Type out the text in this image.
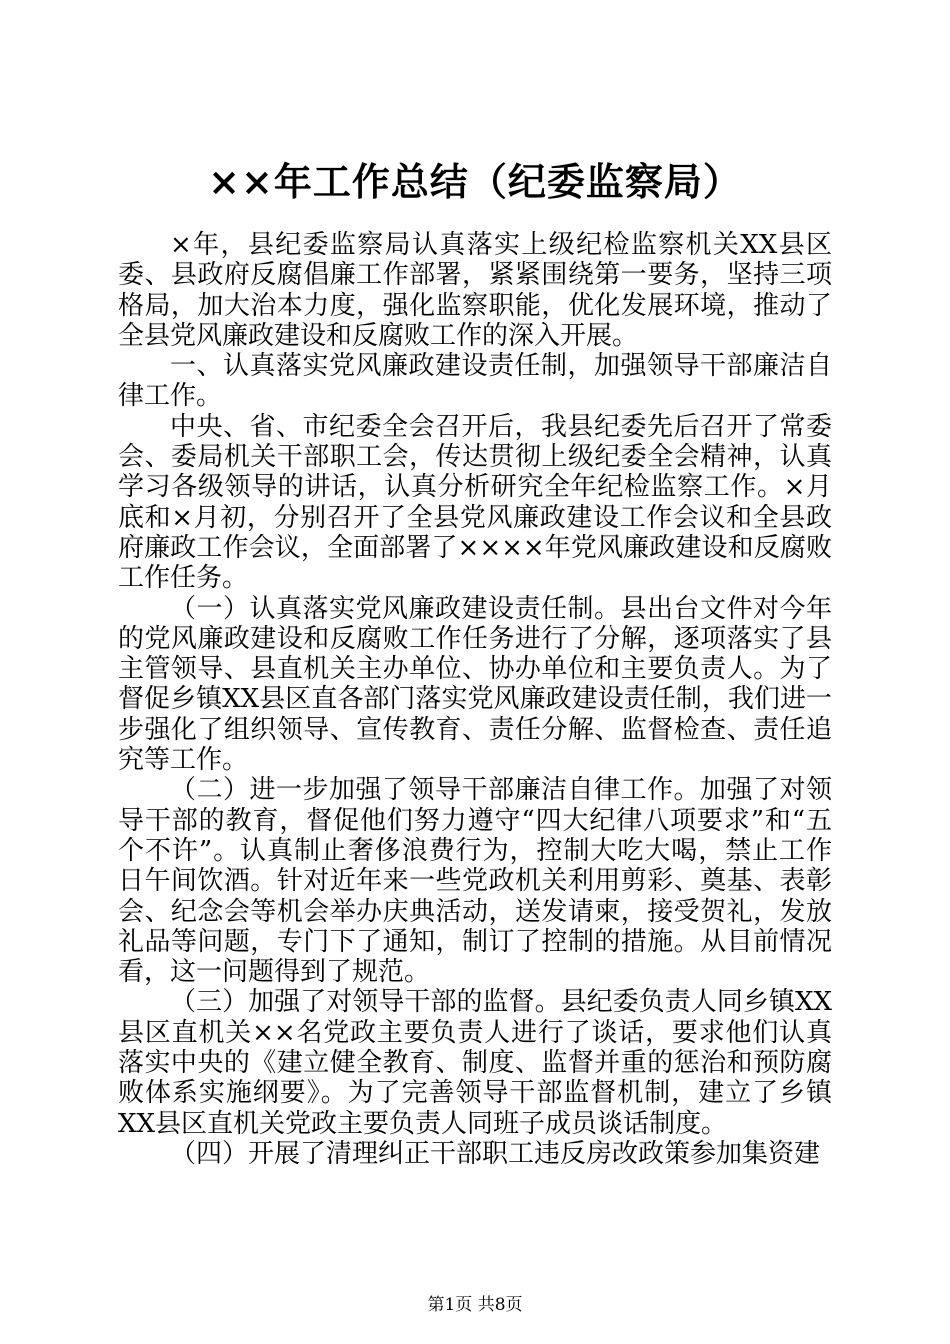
××年工作总结（纪委监察局）

×年，县纪委监察局认真落实上级纪检监察机关XX县区委、县政府反腐倡廉工作部署，紧紧围绕第一要务，坚持三项格局，加大治本力度，强化监察职能，优化发展环境，推动了全县党风廉政建设和反腐败工作的深入开展。

一、认真落实党风廉政建设责任制，加强领导干部廉洁自律工作。

中央、省、市纪委全会召开后，我县纪委先后召开了常委会、委局机关干部职工会，传达贯彻上级纪委全会精神，认真学习各级领导的讲话，认真分析研究全年纪检监察工作。×月底和×月初，分别召开了全县党风廉政建设工作会议和全县政府廉政工作会议，全面部署了××××年党风廉政建设和反腐败工作任务。

（一）认真落实党风廉政建设责任制。县出台文件对今年的党风廉政建设和反腐败工作任务进行了分解，逐项落实了县主管领导、县直机关主办单位、协办单位和主要负责人。为了督促乡镇XX县区直各部门落实党风廉政建设责任制，我们进一步强化了组织领导、宣传教育、责任分解、监督检查、责任追究等工作。

（二）进一步加强了领导干部廉洁自律工作。加强了对领导干部的教育，督促他们努力遵守“四大纪律八项要求”和“五个不许”。认真制止奢侈浪费行为，控制大吃大喝，禁止工作日午间饮酒。针对近年来一些党政机关利用剪彩、奠基、表彰会、纪念会等机会举办庆典活动，送发请柬，接受贺礼，发放礼品等问题，专门下了通知，制订了控制的措施。从目前情况看，这一问题得到了规范。

（三）加强了对领导干部的监督。县纪委负责人同乡镇XX县区直机关××名党政主要负责人进行了谈话，要求他们认真落实中央的《建立健全教育、制度、监督并重的惩治和预防腐败体系实施纲要》。为了完善领导干部监督机制，建立了乡镇XX县区直机关党政主要负责人同班子成员谈话制度。

（四）开展了清理纠正干部职工违反房改政策参加集资建

第1页 共8页
